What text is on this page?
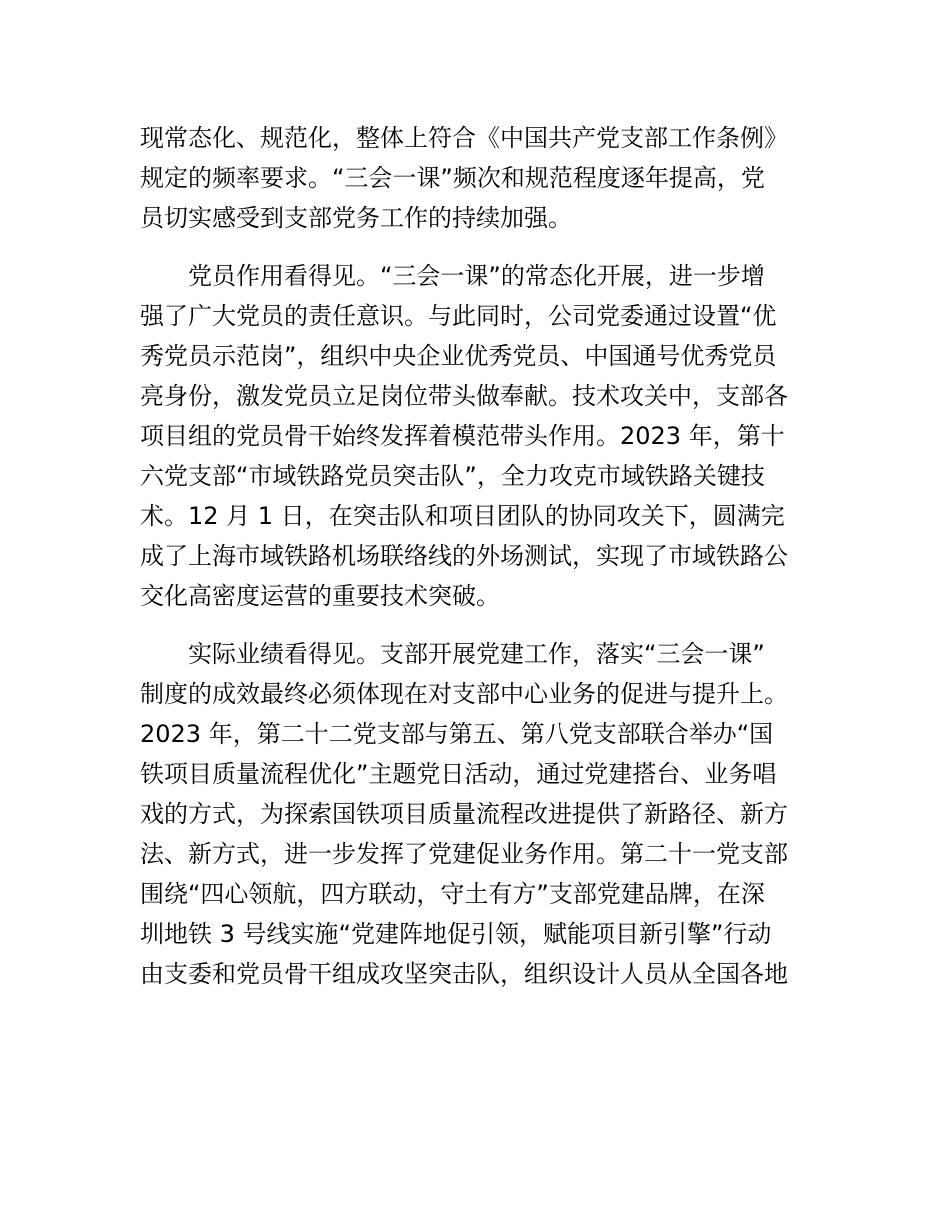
现常态化、规范化，整体上符合《中国共产党支部工作条例》
规定的频率要求。“三会一课”频次和规范程度逐年提高，党
员切实感受到支部党务工作的持续加强。
　　党员作用看得见。“三会一课”的常态化开展，进一步增
强了广大党员的责任意识。与此同时，公司党委通过设置“优
秀党员示范岗”，组织中央企业优秀党员、中国通号优秀党员
亮身份，激发党员立足岗位带头做奉献。技术攻关中，支部各
项目组的党员骨干始终发挥着模范带头作用。2023 年，第十
六党支部“市域铁路党员突击队”，全力攻克市域铁路关键技
术。12 月 1 日，在突击队和项目团队的协同攻关下，圆满完
成了上海市域铁路机场联络线的外场测试，实现了市域铁路公
交化高密度运营的重要技术突破。
　　实际业绩看得见。支部开展党建工作，落实“三会一课”
制度的成效最终必须体现在对支部中心业务的促进与提升上。
2023 年，第二十二党支部与第五、第八党支部联合举办“国
铁项目质量流程优化”主题党日活动，通过党建搭台、业务唱
戏的方式，为探索国铁项目质量流程改进提供了新路径、新方
法、新方式，进一步发挥了党建促业务作用。第二十一党支部
围绕“四心领航，四方联动，守土有方”支部党建品牌，在深
圳地铁 3 号线实施“党建阵地促引领，赋能项目新引擎”行动
由支委和党员骨干组成攻坚突击队，组织设计人员从全国各地
